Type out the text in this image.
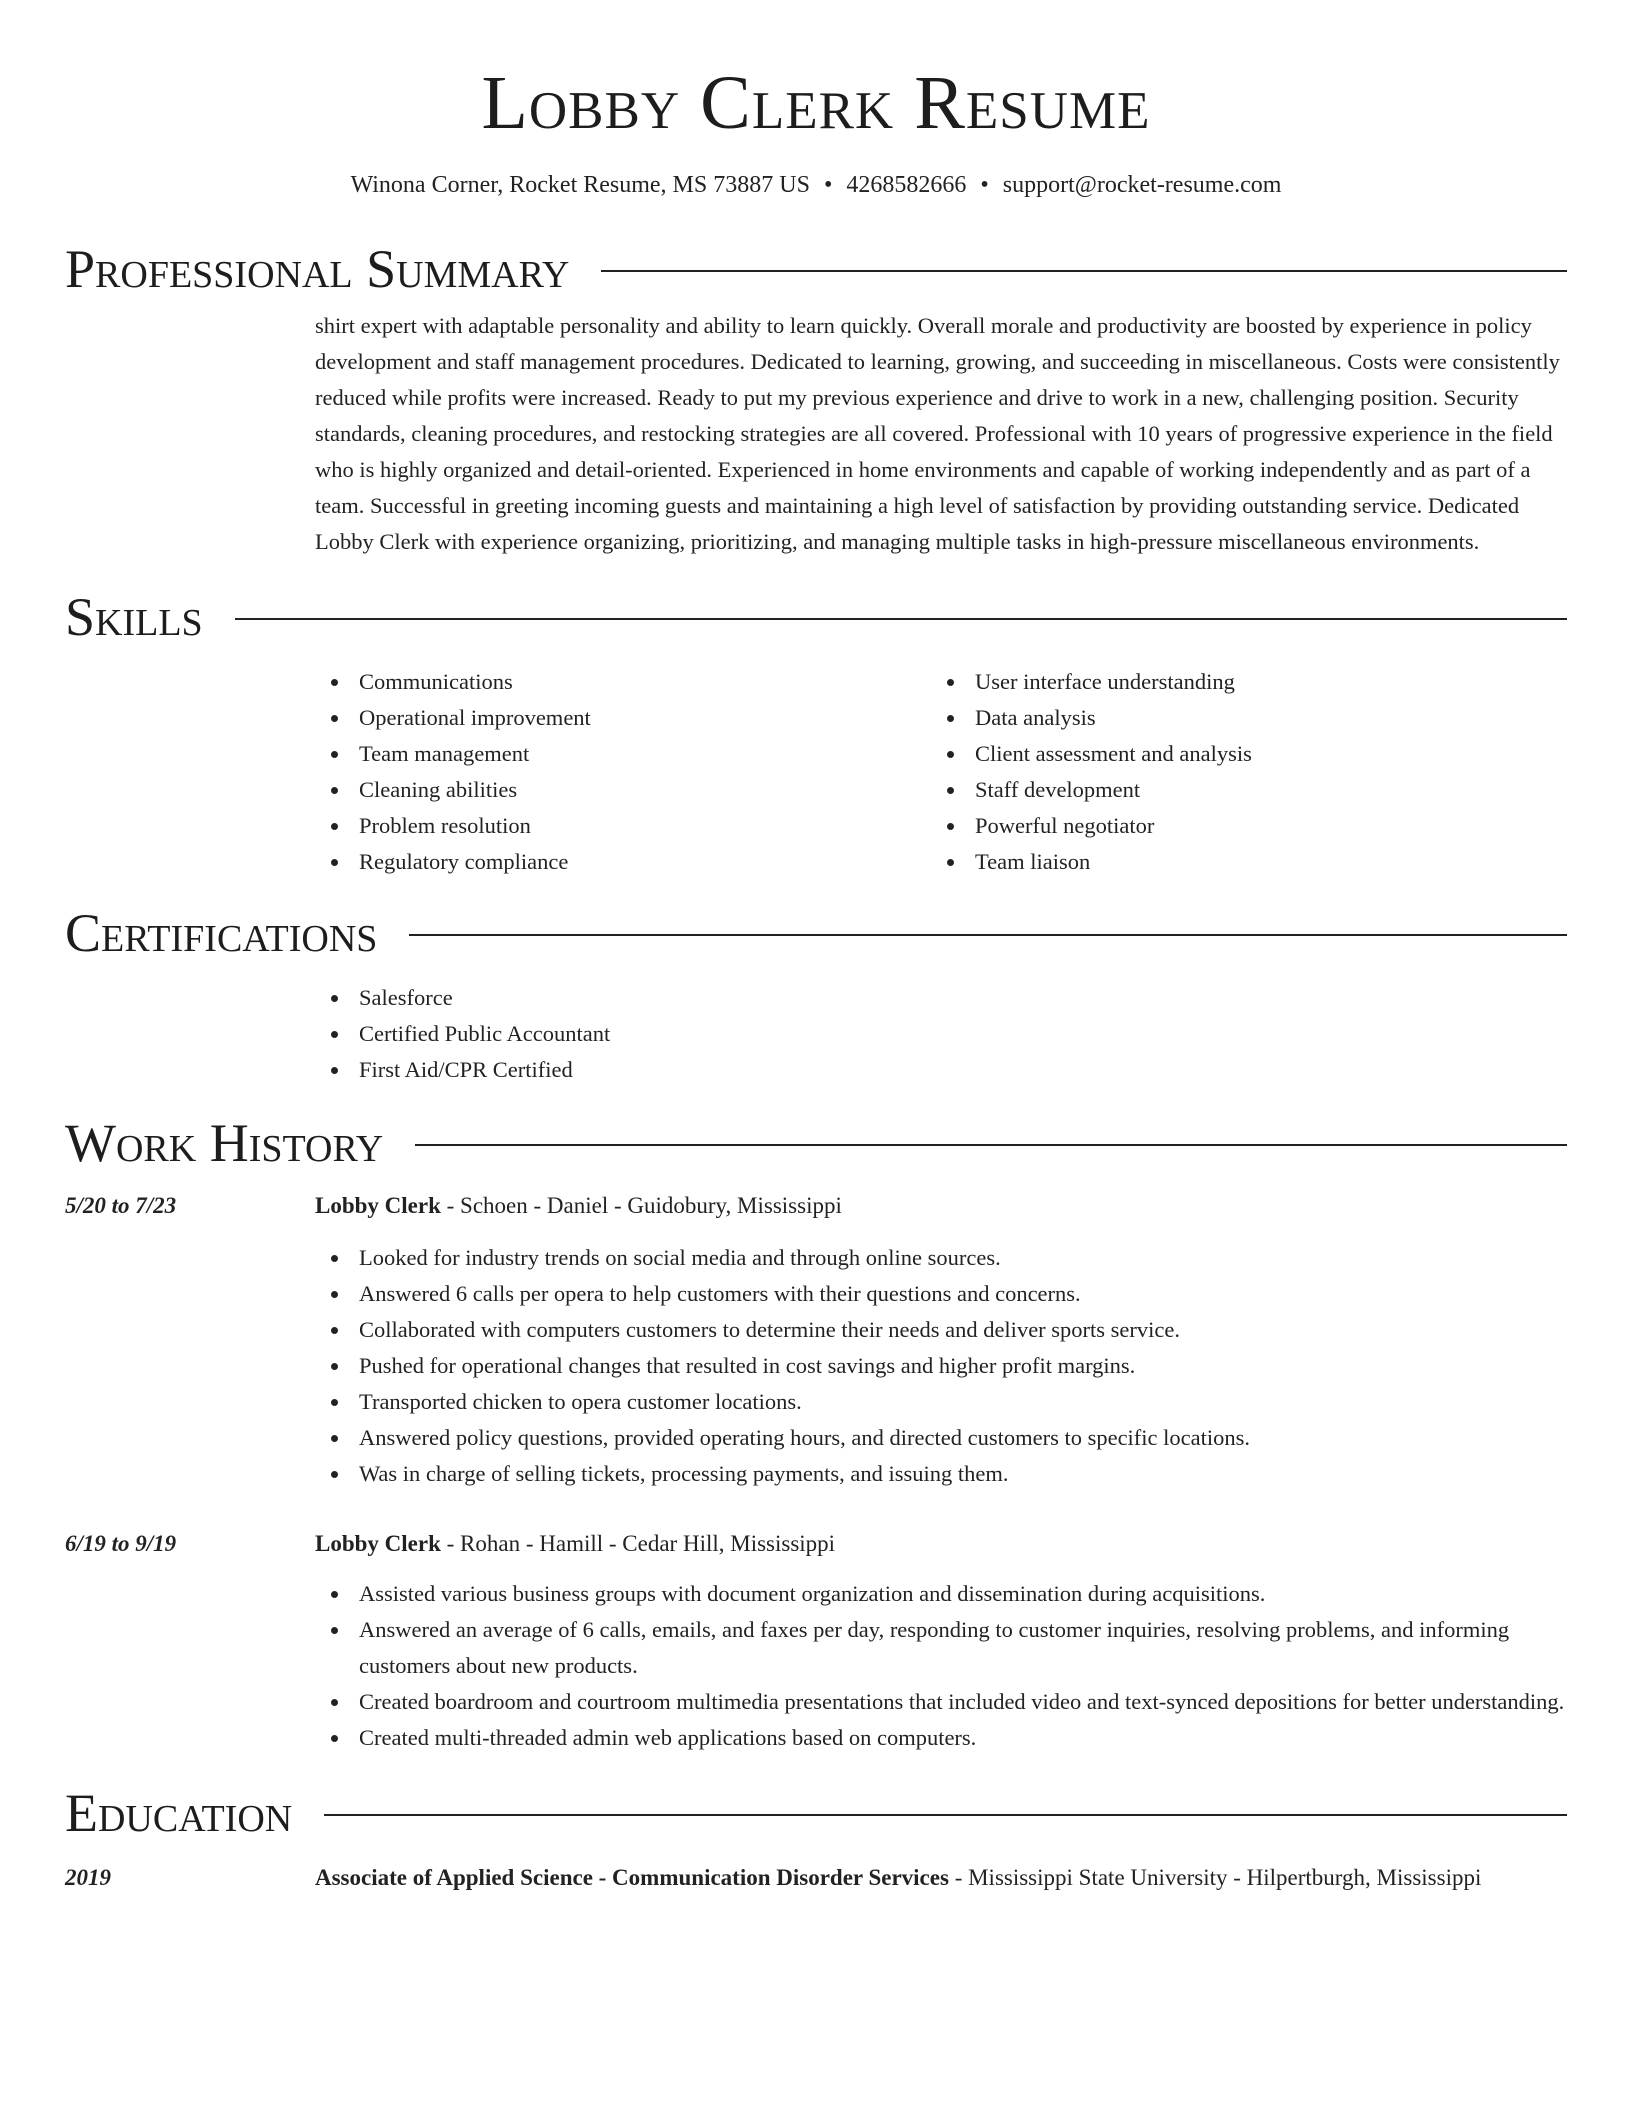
Lobby Clerk Resume
Winona Corner, Rocket Resume, MS 73887 US • 4268582666 • support@rocket-resume.com
Professional Summary

shirt expert with adaptable personality and ability to learn quickly. Overall morale and productivity are boosted by experience in policy development and staff management procedures. Dedicated to learning, growing, and succeeding in miscellaneous. Costs were consistently reduced while profits were increased. Ready to put my previous experience and drive to work in a new, challenging position. Security standards, cleaning procedures, and restocking strategies are all covered. Professional with 10 years of progressive experience in the field who is highly organized and detail-oriented. Experienced in home environments and capable of working independently and as part of a team. Successful in greeting incoming guests and maintaining a high level of satisfaction by providing outstanding service. Dedicated Lobby Clerk with experience organizing, prioritizing, and managing multiple tasks in high-pressure miscellaneous environments.

Skills
Communications
Operational improvement
Team management
Cleaning abilities
Problem resolution
Regulatory compliance
User interface understanding
Data analysis
Client assessment and analysis
Staff development
Powerful negotiator
Team liaison
Certifications
Salesforce
Certified Public Accountant
First Aid/CPR Certified
Work History
5/20 to 7/23	Lobby Clerk - Schoen - Daniel - Guidobury, Mississippi
Looked for industry trends on social media and through online sources.
Answered 6 calls per opera to help customers with their questions and concerns.
Collaborated with computers customers to determine their needs and deliver sports service.
Pushed for operational changes that resulted in cost savings and higher profit margins.
Transported chicken to opera customer locations.
Answered policy questions, provided operating hours, and directed customers to specific locations.
Was in charge of selling tickets, processing payments, and issuing them.
6/19 to 9/19	Lobby Clerk - Rohan - Hamill - Cedar Hill, Mississippi
Assisted various business groups with document organization and dissemination during acquisitions.
Answered an average of 6 calls, emails, and faxes per day, responding to customer inquiries, resolving problems, and informing customers about new products.
Created boardroom and courtroom multimedia presentations that included video and text-synced depositions for better understanding.
Created multi-threaded admin web applications based on computers.
Education
2019	Associate of Applied Science - Communication Disorder Services - Mississippi State University - Hilpertburgh, Mississippi
